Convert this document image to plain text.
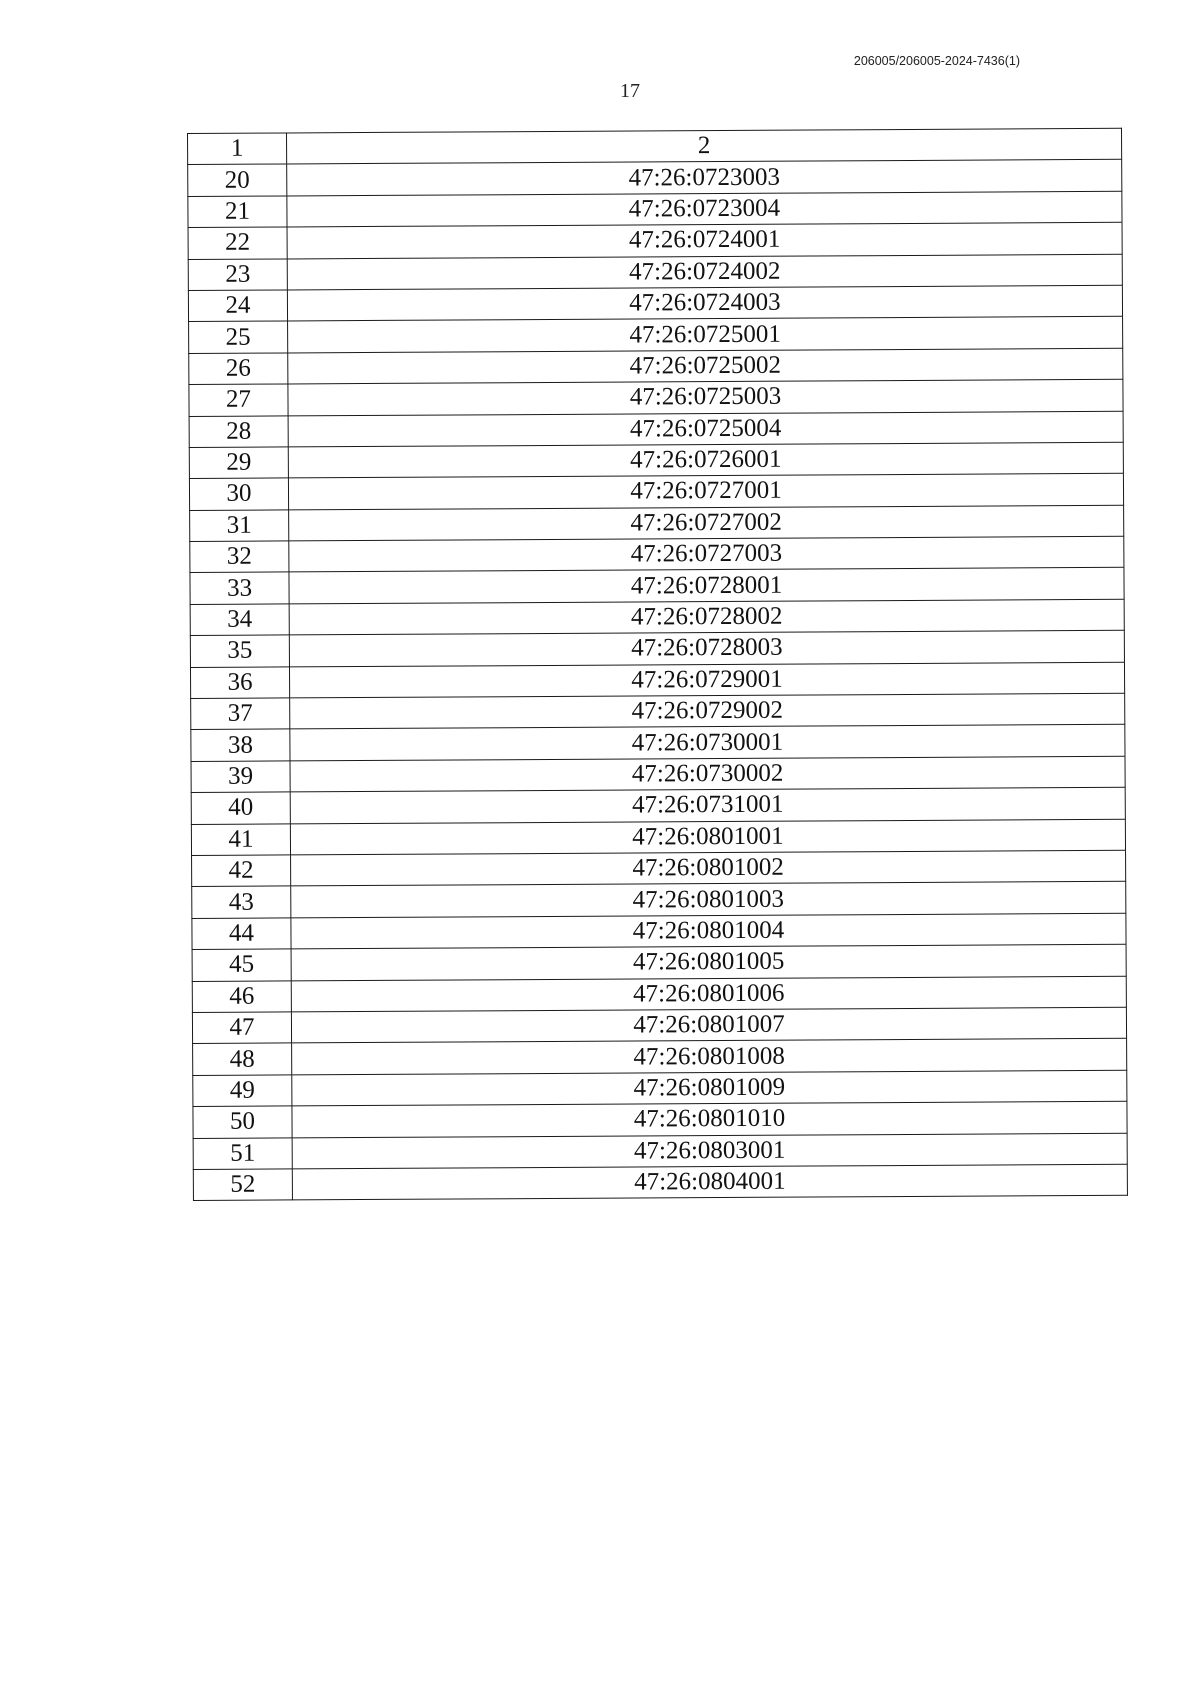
206005/206005-2024-7436(1)
17
1	2
20	47:26:0723003
21	47:26:0723004
22	47:26:0724001
23	47:26:0724002
24	47:26:0724003
25	47:26:0725001
26	47:26:0725002
27	47:26:0725003
28	47:26:0725004
29	47:26:0726001
30	47:26:0727001
31	47:26:0727002
32	47:26:0727003
33	47:26:0728001
34	47:26:0728002
35	47:26:0728003
36	47:26:0729001
37	47:26:0729002
38	47:26:0730001
39	47:26:0730002
40	47:26:0731001
41	47:26:0801001
42	47:26:0801002
43	47:26:0801003
44	47:26:0801004
45	47:26:0801005
46	47:26:0801006
47	47:26:0801007
48	47:26:0801008
49	47:26:0801009
50	47:26:0801010
51	47:26:0803001
52	47:26:0804001
